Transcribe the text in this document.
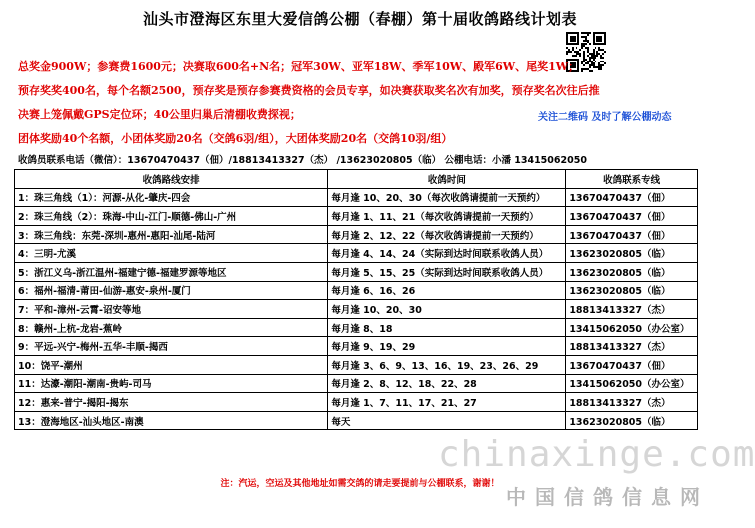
汕头市澄海区东里大爱信鸽公棚（春棚）第十届收鸽路线计划表
总奖金900W；参赛费1600元；决赛取600名+N名；冠军30W、亚军18W、季军10W、殿军6W、尾奖1W；
预存奖奖400名，每个名额2500，预存奖是预存参赛费资格的会员专享，如决赛获取奖名次有加奖，预存奖名次往后推
决赛上笼佩戴GPS定位环；40公里归巢后清棚收费探视；	关注二维码 及时了解公棚动态
团体奖励40个名额，小团体奖励20名（交鸽6羽/组），大团体奖励20名（交鸽10羽/组）
收鸽员联系电话（微信）：13670470437（佃）/18813413327（杰） /13623020805（临） 公棚电话：小潘 13415062050
收鸽路线安排	收鸽时间	收鸽联系专线
1：珠三角线（1）：河源-从化-肇庆-四会	每月逢 10、20、30（每次收鸽请提前一天预约）	13670470437（佃）
2：珠三角线（2）：珠海-中山-江门-顺德-佛山-广州	每月逢 1、11、21（每次收鸽请提前一天预约）	13670470437（佃）
3：珠三角线：东莞-深圳-惠州-惠阳-汕尾-陆河	每月逢 2、12、22（每次收鸽请提前一天预约）	13670470437（佃）
4：三明-尤溪	每月逢 4、14、24（实际到达时间联系收鸽人员）	13623020805（临）
5：浙江义乌-浙江温州-福建宁德-福建罗源等地区	每月逢 5、15、25（实际到达时间联系收鸽人员）	13623020805（临）
6：福州-福清-莆田-仙游-惠安-泉州-厦门	每月逢 6、16、26	13623020805（临）
7：平和-漳州-云霄-诏安等地	每月逢 10、20、30	18813413327（杰）
8：赣州-上杭-龙岩-蕉岭	每月逢 8、18	13415062050（办公室）
9：平远-兴宁-梅州-五华-丰顺-揭西	每月逢 9、19、29	18813413327（杰）
10：饶平-潮州	每月逢 3、6、9、13、16、19、23、26、29	13670470437（佃）
11：达濠-潮阳-潮南-贵屿-司马	每月逢 2、8、12、18、22、28	13415062050（办公室）
12：惠来-普宁-揭阳-揭东	每月逢 1、7、11、17、21、27	18813413327（杰）
13：澄海地区-汕头地区-南澳	每天	13623020805（临）
chinaxinge.com
中国信鸽信息网
注：汽运，空运及其他地址如需交鸽的请走要提前与公棚联系，谢谢！
